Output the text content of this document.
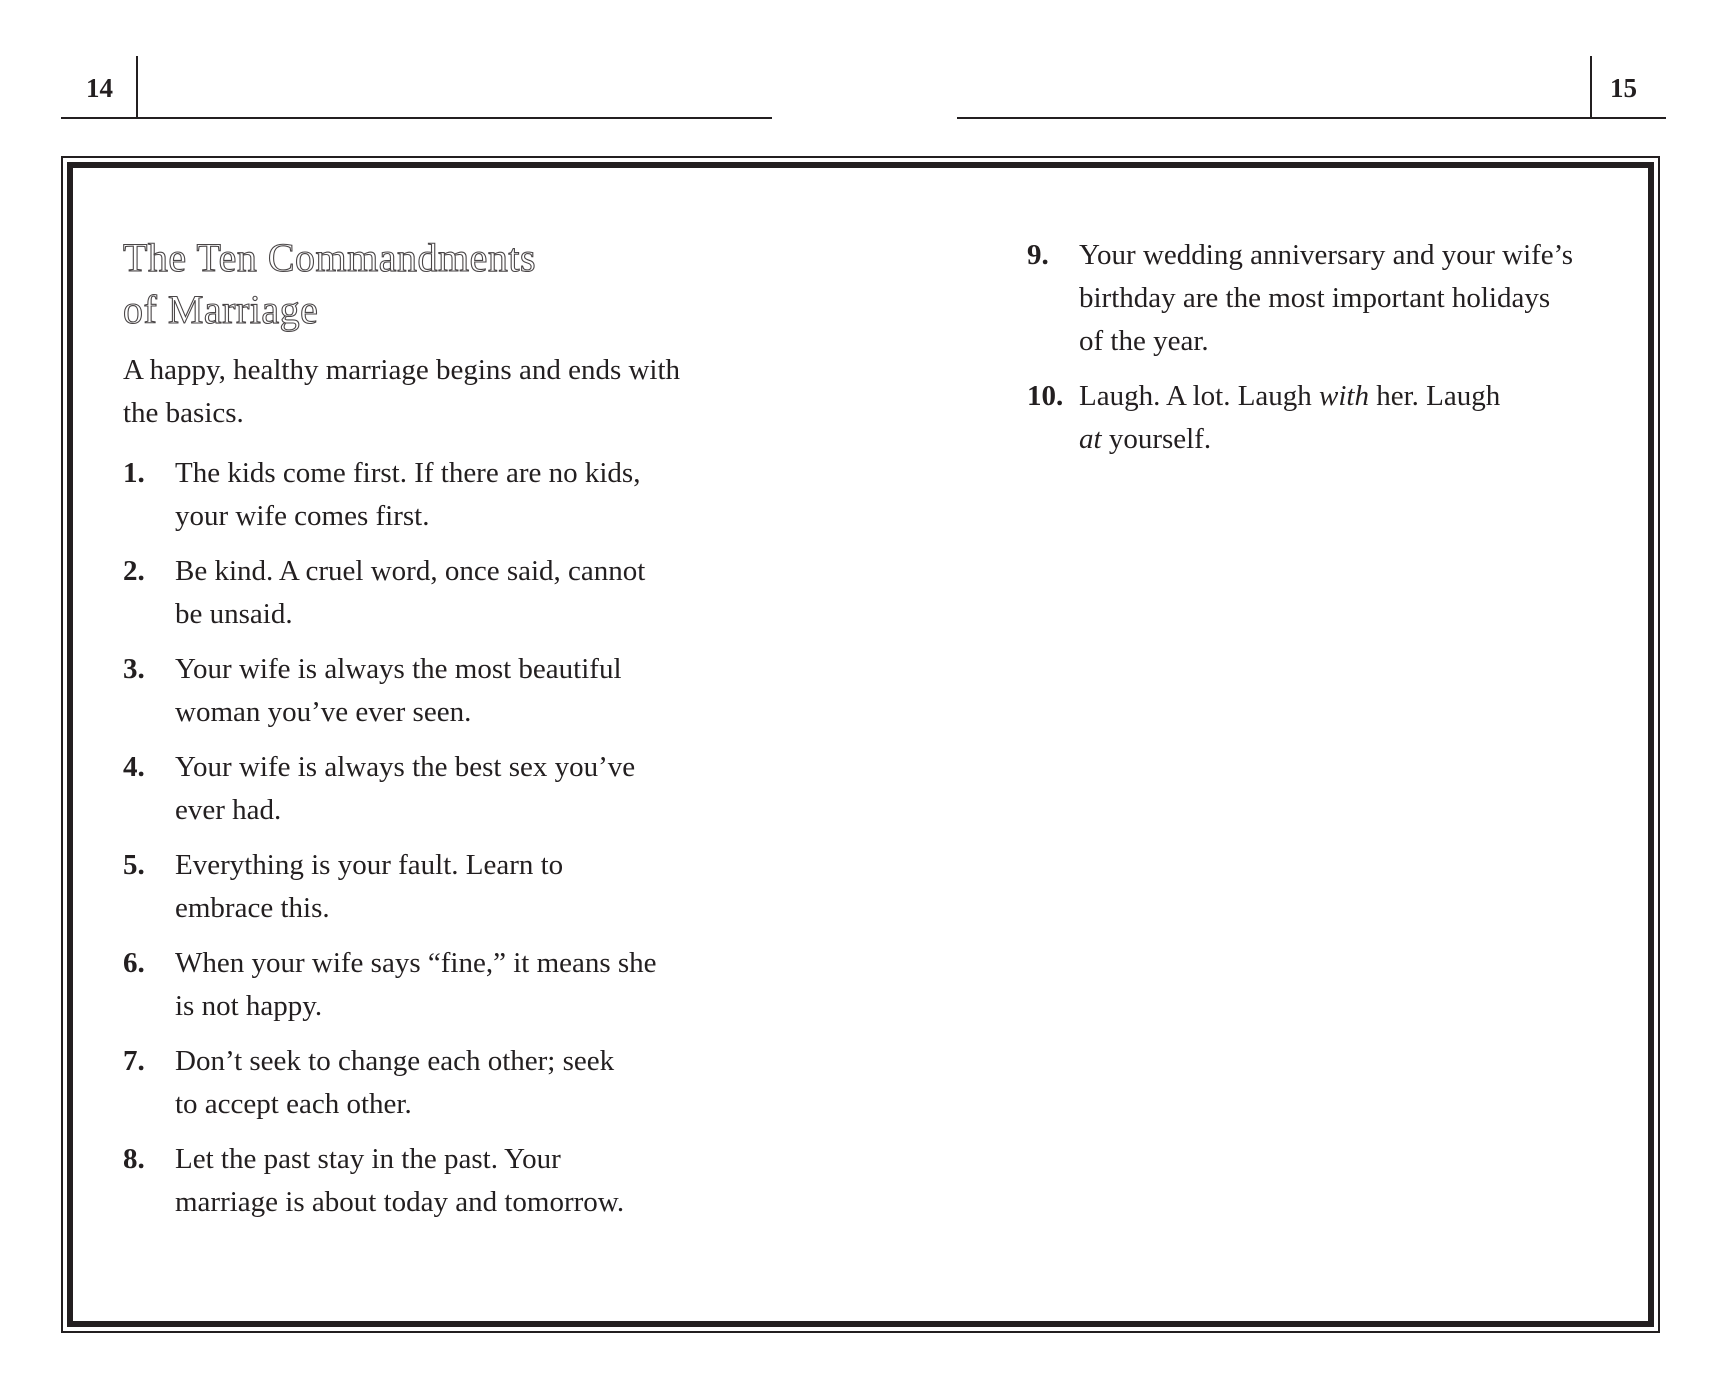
14	15
The Ten Commandments
of Marriage

A happy, healthy marriage begins and ends with
the basics.

1. The kids come first. If there are no kids,
your wife comes first.
2. Be kind. A cruel word, once said, cannot
be unsaid.
3. Your wife is always the most beautiful
woman you’ve ever seen.
4. Your wife is always the best sex you’ve
ever had.
5. Everything is your fault. Learn to
embrace this.
6. When your wife says “fine,” it means she
is not happy.
7. Don’t seek to change each other; seek
to accept each other.
8. Let the past stay in the past. Your
marriage is about today and tomorrow.
9. Your wedding anniversary and your wife’s
birthday are the most important holidays
of the year.
10. Laugh. A lot. Laugh with her. Laugh
at yourself.
